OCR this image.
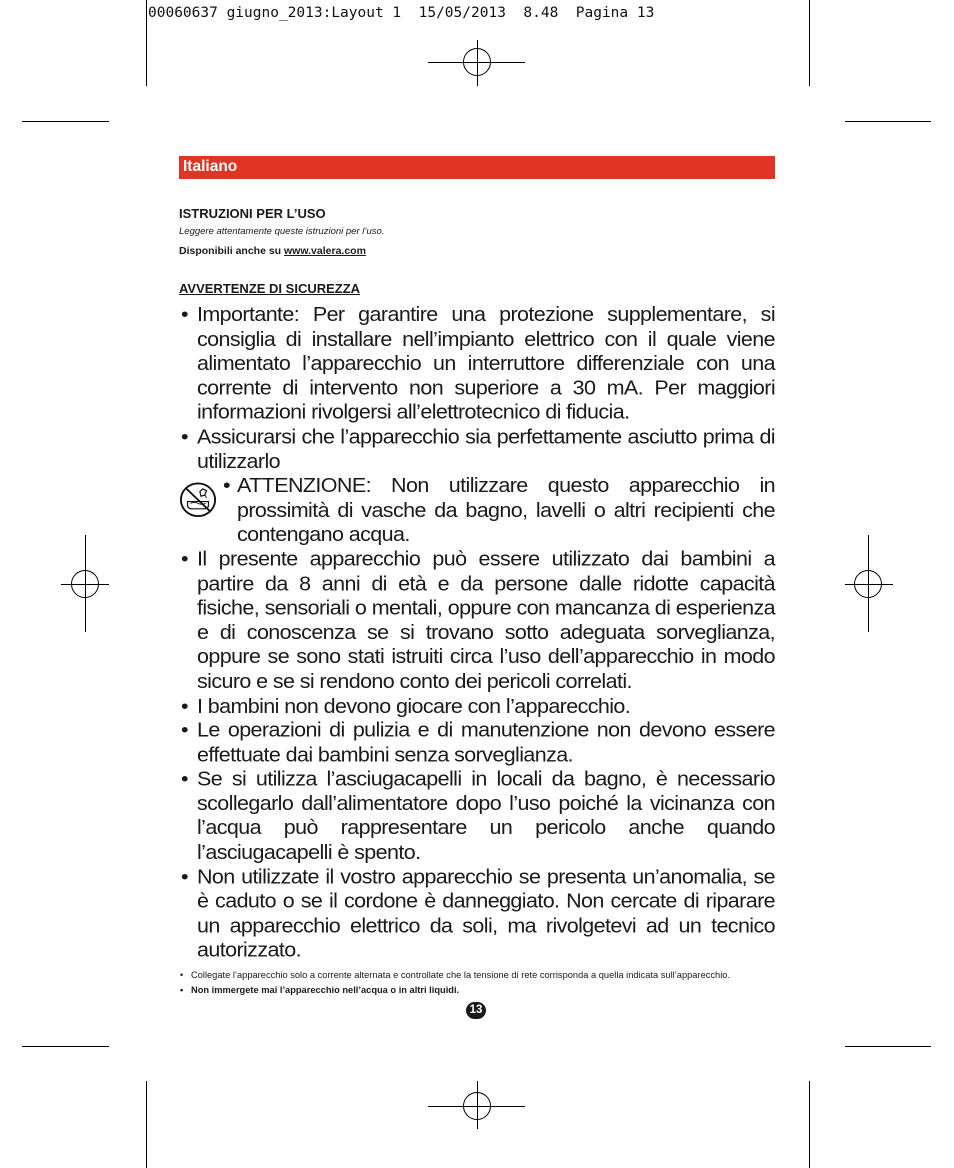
00060637 giugno_2013:Layout 1  15/05/2013  8.48  Pagina 13
Italiano
ISTRUZIONI PER L’USO
Leggere attentamente queste istruzioni per l’uso.
Disponibili anche su www.valera.com
AVVERTENZE DI SICUREZZA

• Importante: Per garantire una protezione supplementare, si consiglia di installare nell’impianto elettrico con il quale viene alimentato l’apparecchio un interruttore differenziale con una corrente di intervento non superiore a 30 mA. Per maggiori informazioni rivolgersi all’elettrotecnico di fiducia.

• Assicurarsi che l’apparecchio sia perfettamente asciutto prima di utilizzarlo

• ATTENZIONE: Non utilizzare questo apparecchio in prossimità di vasche da bagno, lavelli o altri recipienti che contengano acqua.

• Il presente apparecchio può essere utilizzato dai bambini a partire da 8 anni di età e da persone dalle ridotte capacità fisiche, sensoriali o mentali, oppure con mancanza di esperienza e di conoscenza se si trovano sotto adeguata sorveglianza, oppure se sono stati istruiti circa l’uso dell’apparecchio in modo sicuro e se si rendono conto dei pericoli correlati.

• I bambini non devono giocare con l’apparecchio.

• Le operazioni di pulizia e di manutenzione non devono essere effettuate dai bambini senza sorveglianza.

• Se si utilizza l’asciugacapelli in locali da bagno, è necessario scollegarlo dall’alimentatore dopo l’uso poiché la vicinanza con l’acqua può rappresentare un pericolo anche quando l’asciugacapelli è spento.

• Non utilizzate il vostro apparecchio se presenta un’anomalia, se è caduto o se il cordone è danneggiato. Non cercate di riparare un apparecchio elettrico da soli, ma rivolgetevi ad un tecnico autorizzato.

• Collegate l’apparecchio solo a corrente alternata e controllate che la tensione di rete corrisponda a quella indicata sull’apparecchio.
• Non immergete mai l’apparecchio nell’acqua o in altri liquidi.
13
